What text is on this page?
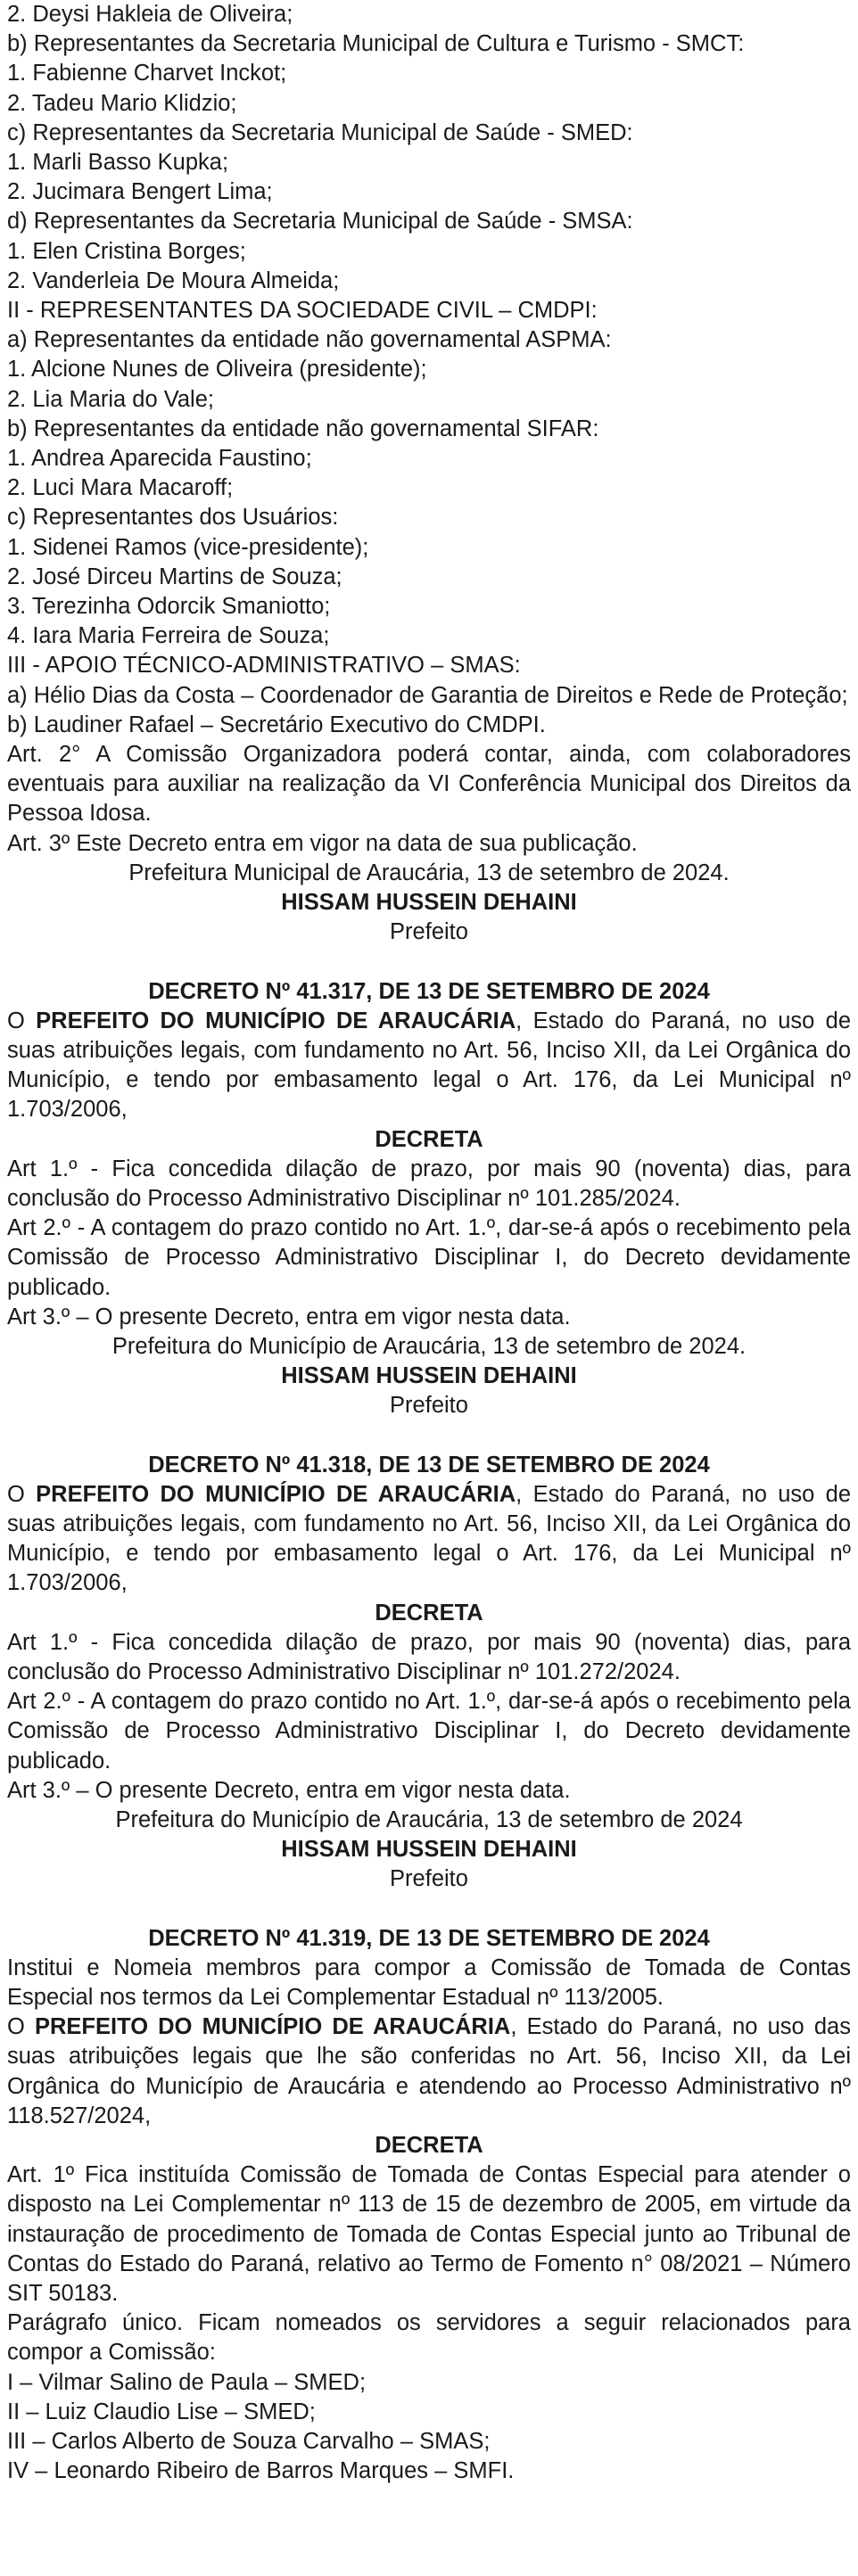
2. Deysi Hakleia de Oliveira;

b) Representantes da Secretaria Municipal de Cultura e Turismo - SMCT:

1. Fabienne Charvet Inckot;

2. Tadeu Mario Klidzio;

c) Representantes da Secretaria Municipal de Saúde - SMED:

1. Marli Basso Kupka;

2. Jucimara Bengert Lima;

d) Representantes da Secretaria Municipal de Saúde - SMSA:

1. Elen Cristina Borges;

2. Vanderleia De Moura Almeida;

II - REPRESENTANTES DA SOCIEDADE CIVIL – CMDPI:

a) Representantes da entidade não governamental ASPMA:

1. Alcione Nunes de Oliveira (presidente);

2. Lia Maria do Vale;

b) Representantes da entidade não governamental SIFAR:

1. Andrea Aparecida Faustino;

2. Luci Mara Macaroff;

c) Representantes dos Usuários:

1. Sidenei Ramos (vice-presidente);

2. José Dirceu Martins de Souza;

3. Terezinha Odorcik Smaniotto;

4. Iara Maria Ferreira de Souza;

III - APOIO TÉCNICO-ADMINISTRATIVO – SMAS:

a) Hélio Dias da Costa – Coordenador de Garantia de Direitos e Rede de Proteção;

b) Laudiner Rafael – Secretário Executivo do CMDPI.

Art. 2° A Comissão Organizadora poderá contar, ainda, com colaboradores eventuais para auxiliar na realização da VI Conferência Municipal dos Direitos da Pessoa Idosa.

Art. 3º Este Decreto entra em vigor na data de sua publicação.

Prefeitura Municipal de Araucária, 13 de setembro de 2024.

HISSAM HUSSEIN DEHAINI

Prefeito

DECRETO Nº 41.317, DE 13 DE SETEMBRO DE 2024

O PREFEITO DO MUNICÍPIO DE ARAUCÁRIA, Estado do Paraná, no uso de suas atribuições legais, com fundamento no Art. 56, Inciso XII, da Lei Orgânica do Município, e tendo por embasamento legal o Art. 176, da Lei Municipal nº 1.703/2006,

DECRETA

Art 1.º - Fica concedida dilação de prazo, por mais 90 (noventa) dias, para conclusão do Processo Administrativo Disciplinar nº 101.285/2024.

Art 2.º - A contagem do prazo contido no Art. 1.º, dar-se-á após o recebimento pela Comissão de Processo Administrativo Disciplinar I, do Decreto devidamente publicado.

Art 3.º – O presente Decreto, entra em vigor nesta data.

Prefeitura do Município de Araucária, 13 de setembro de 2024.

HISSAM HUSSEIN DEHAINI

Prefeito

DECRETO Nº 41.318, DE 13 DE SETEMBRO DE 2024

O PREFEITO DO MUNICÍPIO DE ARAUCÁRIA, Estado do Paraná, no uso de suas atribuições legais, com fundamento no Art. 56, Inciso XII, da Lei Orgânica do Município, e tendo por embasamento legal o Art. 176, da Lei Municipal nº 1.703/2006,

DECRETA

Art 1.º - Fica concedida dilação de prazo, por mais 90 (noventa) dias, para conclusão do Processo Administrativo Disciplinar nº 101.272/2024.

Art 2.º - A contagem do prazo contido no Art. 1.º, dar-se-á após o recebimento pela Comissão de Processo Administrativo Disciplinar I, do Decreto devidamente publicado.

Art 3.º – O presente Decreto, entra em vigor nesta data.

Prefeitura do Município de Araucária, 13 de setembro de 2024

HISSAM HUSSEIN DEHAINI

Prefeito

DECRETO Nº 41.319, DE 13 DE SETEMBRO DE 2024

Institui e Nomeia membros para compor a Comissão de Tomada de Contas Especial nos termos da Lei Complementar Estadual nº 113/2005.

O PREFEITO DO MUNICÍPIO DE ARAUCÁRIA, Estado do Paraná, no uso das suas atribuições legais que lhe são conferidas no Art. 56, Inciso XII, da Lei Orgânica do Município de Araucária e atendendo ao Processo Administrativo nº 118.527/2024,

DECRETA

Art. 1º Fica instituída Comissão de Tomada de Contas Especial para atender o disposto na Lei Complementar nº 113 de 15 de dezembro de 2005, em virtude da instauração de procedimento de Tomada de Contas Especial junto ao Tribunal de Contas do Estado do Paraná, relativo ao Termo de Fomento n° 08/2021 – Número SIT 50183.

Parágrafo único. Ficam nomeados os servidores a seguir relacionados para compor a Comissão:

I – Vilmar Salino de Paula – SMED;

II – Luiz Claudio Lise – SMED;

III – Carlos Alberto de Souza Carvalho – SMAS;

IV – Leonardo Ribeiro de Barros Marques – SMFI.
